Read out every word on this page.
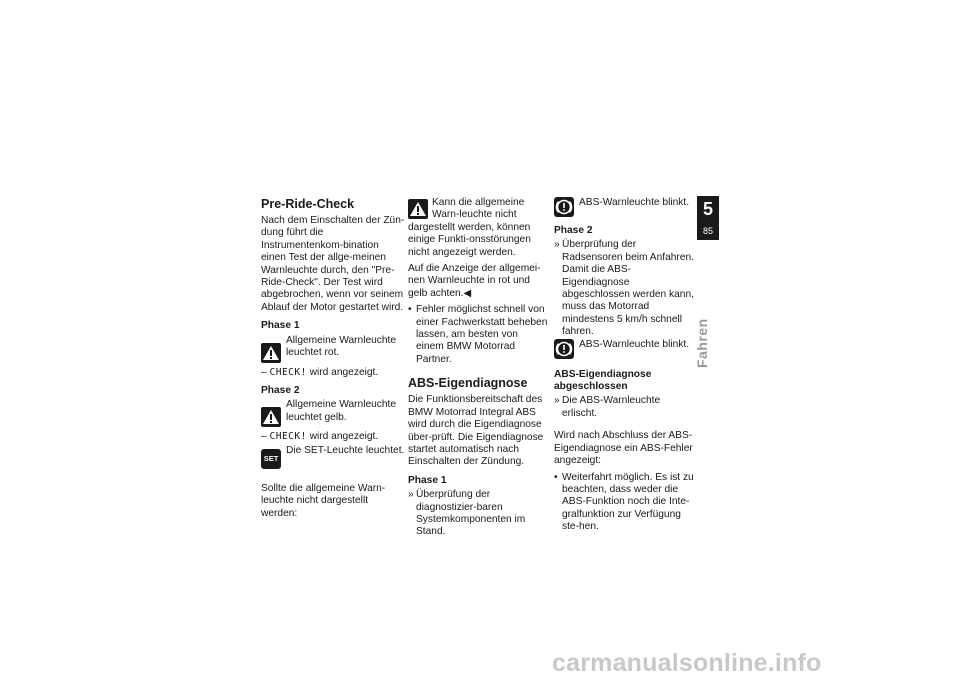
Pre-Ride-Check

Nach dem Einschalten der Zün-dung führt die Instrumentenkom-bination einen Test der allge-meinen Warnleuchte durch, den "Pre-Ride-Check". Der Test wird abgebrochen, wenn vor seinem Ablauf der Motor gestartet wird.

Phase 1
Allgemeine Warnleuchte leuchtet rot.
– CHECK! wird angezeigt.
Phase 2
Allgemeine Warnleuchte leuchtet gelb.
– CHECK! wird angezeigt.
SET
Die SET-Leuchte leuchtet.

Sollte die allgemeine Warn-leuchte nicht dargestellt werden:

Kann die allgemeine Warn-leuchte nicht dargestellt werden, können einige Funkti-onsstörungen nicht angezeigt werden.

Auf die Anzeige der allgemei-nen Warnleuchte in rot und gelb achten.◀

• Fehler möglichst schnell von einer Fachwerkstatt beheben lassen, am besten von einem BMW Motorrad Partner.
ABS-Eigendiagnose

Die Funktionsbereitschaft des BMW Motorrad Integral ABS wird durch die Eigendiagnose über-prüft. Die Eigendiagnose startet automatisch nach Einschalten der Zündung.

Phase 1
» Überprüfung der diagnostizier-baren Systemkomponenten im Stand.
ABS-Warnleuchte blinkt.
Phase 2
» Überprüfung der Radsensoren beim Anfahren. Damit die ABS-Eigendiagnose abgeschlossen werden kann, muss das Motorrad mindestens 5 km/h schnell fahren.
ABS-Warnleuchte blinkt.
ABS-Eigendiagnose abgeschlossen
» Die ABS-Warnleuchte erlischt.

Wird nach Abschluss der ABS-Eigendiagnose ein ABS-Fehler angezeigt:

• Weiterfahrt möglich. Es ist zu beachten, dass weder die ABS-Funktion noch die Inte-gralfunktion zur Verfügung ste-hen.
5
85
Fahren
carmanualsonline.info
